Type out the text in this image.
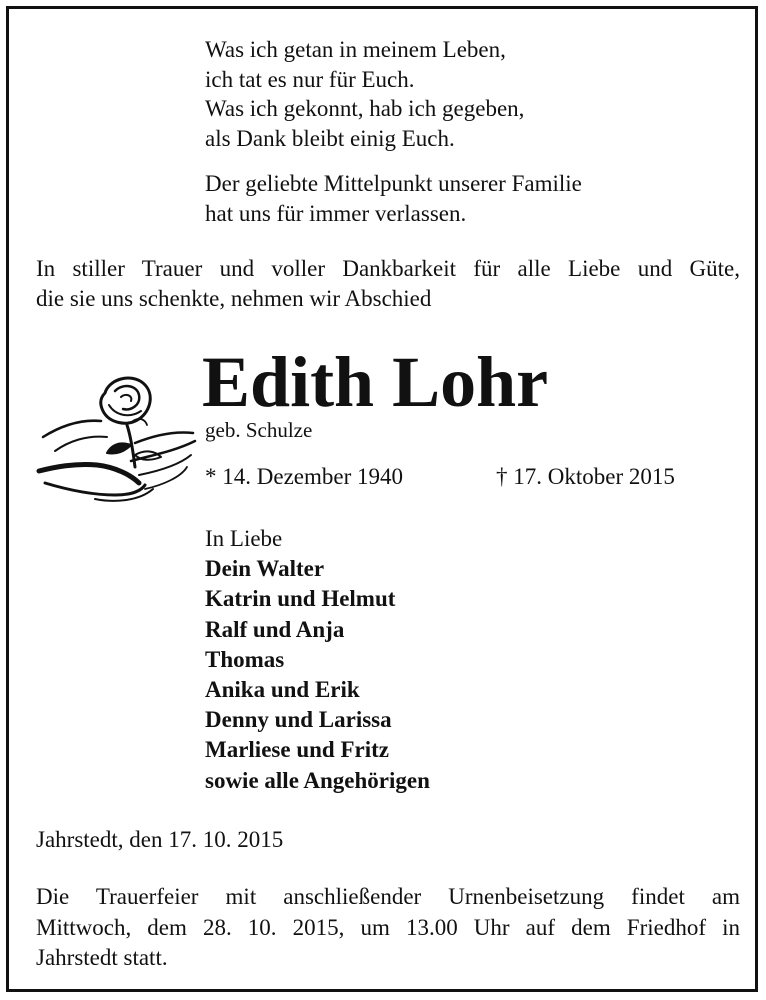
Was ich getan in meinem Leben,
ich tat es nur für Euch.
Was ich gekonnt, hab ich gegeben,
als Dank bleibt einig Euch.
Der geliebte Mittelpunkt unserer Familie
hat uns für immer verlassen.
In stiller Trauer und voller Dankbarkeit für alle Liebe und Güte,
die sie uns schenkte, nehmen wir Abschied
Edith Lohr
geb. Schulze
* 14. Dezember 1940	† 17. Oktober 2015
In Liebe
Dein Walter
Katrin und Helmut
Ralf und Anja
Thomas
Anika und Erik
Denny und Larissa
Marliese und Fritz
sowie alle Angehörigen
Jahrstedt, den 17. 10. 2015
Die Trauerfeier mit anschließender Urnenbeisetzung findet am
Mittwoch, dem 28. 10. 2015, um 13.00 Uhr auf dem Friedhof in
Jahrstedt statt.
